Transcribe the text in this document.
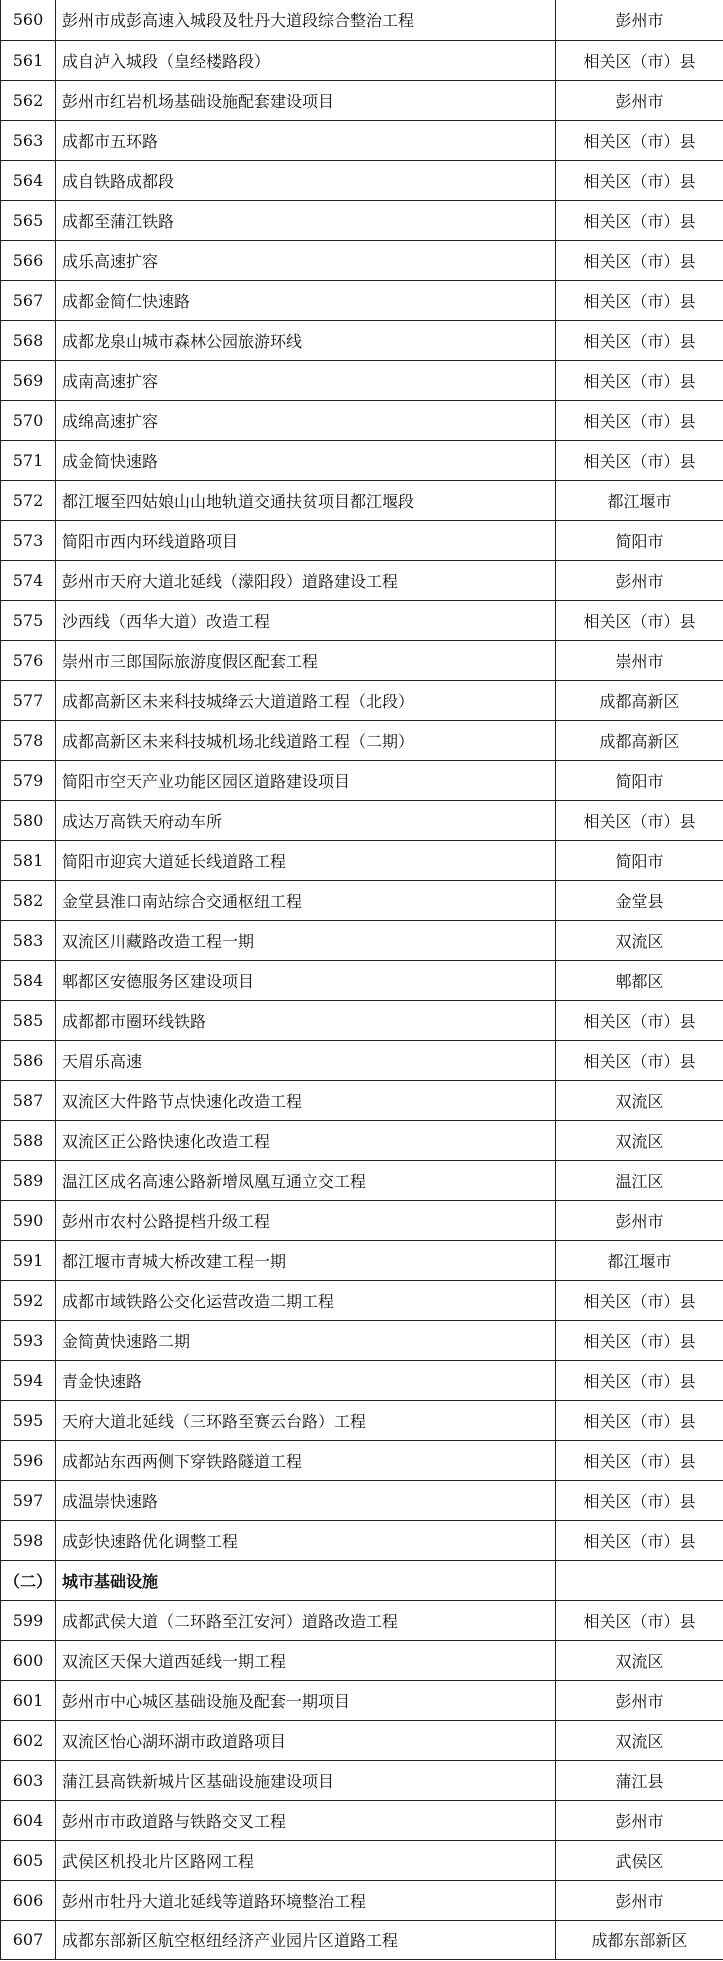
560	彭州市成彭高速入城段及牡丹大道段综合整治工程	彭州市
561	成自泸入城段（皇经楼路段）	相关区（市）县
562	彭州市红岩机场基础设施配套建设项目	彭州市
563	成都市五环路	相关区（市）县
564	成自铁路成都段	相关区（市）县
565	成都至蒲江铁路	相关区（市）县
566	成乐高速扩容	相关区（市）县
567	成都金简仁快速路	相关区（市）县
568	成都龙泉山城市森林公园旅游环线	相关区（市）县
569	成南高速扩容	相关区（市）县
570	成绵高速扩容	相关区（市）县
571	成金简快速路	相关区（市）县
572	都江堰至四姑娘山山地轨道交通扶贫项目都江堰段	都江堰市
573	简阳市西内环线道路项目	简阳市
574	彭州市天府大道北延线（濛阳段）道路建设工程	彭州市
575	沙西线（西华大道）改造工程	相关区（市）县
576	崇州市三郎国际旅游度假区配套工程	崇州市
577	成都高新区未来科技城绛云大道道路工程（北段）	成都高新区
578	成都高新区未来科技城机场北线道路工程（二期）	成都高新区
579	简阳市空天产业功能区园区道路建设项目	简阳市
580	成达万高铁天府动车所	相关区（市）县
581	简阳市迎宾大道延长线道路工程	简阳市
582	金堂县淮口南站综合交通枢纽工程	金堂县
583	双流区川藏路改造工程一期	双流区
584	郫都区安德服务区建设项目	郫都区
585	成都都市圈环线铁路	相关区（市）县
586	天眉乐高速	相关区（市）县
587	双流区大件路节点快速化改造工程	双流区
588	双流区正公路快速化改造工程	双流区
589	温江区成名高速公路新增凤凰互通立交工程	温江区
590	彭州市农村公路提档升级工程	彭州市
591	都江堰市青城大桥改建工程一期	都江堰市
592	成都市域铁路公交化运营改造二期工程	相关区（市）县
593	金简黄快速路二期	相关区（市）县
594	青金快速路	相关区（市）县
595	天府大道北延线（三环路至赛云台路）工程	相关区（市）县
596	成都站东西两侧下穿铁路隧道工程	相关区（市）县
597	成温崇快速路	相关区（市）县
598	成彭快速路优化调整工程	相关区（市）县
（二）	城市基础设施	
599	成都武侯大道（二环路至江安河）道路改造工程	相关区（市）县
600	双流区天保大道西延线一期工程	双流区
601	彭州市中心城区基础设施及配套一期项目	彭州市
602	双流区怡心湖环湖市政道路项目	双流区
603	蒲江县高铁新城片区基础设施建设项目	蒲江县
604	彭州市市政道路与铁路交叉工程	彭州市
605	武侯区机投北片区路网工程	武侯区
606	彭州市牡丹大道北延线等道路环境整治工程	彭州市
607	成都东部新区航空枢纽经济产业园片区道路工程	成都东部新区
